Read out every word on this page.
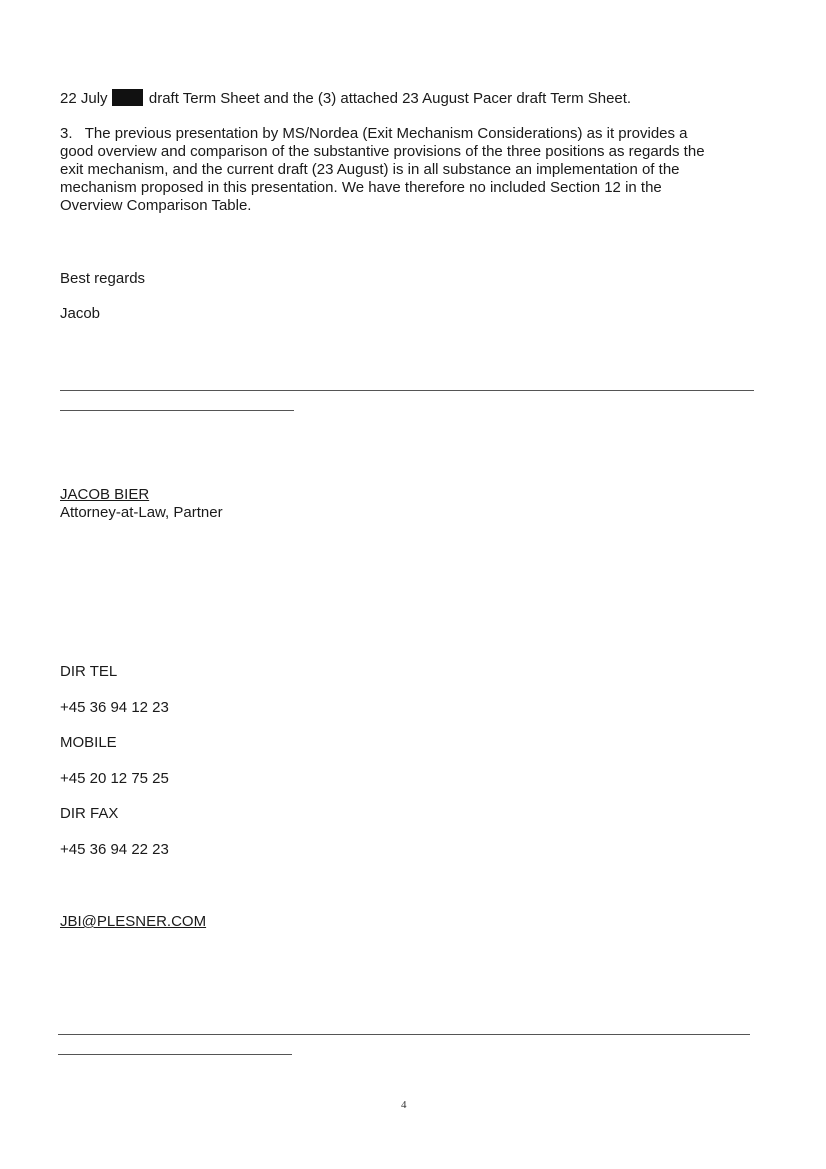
22 July	draft Term Sheet and the (3) attached 23 August Pacer draft Term Sheet.
3.   The previous presentation by MS/Nordea (Exit Mechanism Considerations) as it provides a
good overview and comparison of the substantive provisions of the three positions as regards the
exit mechanism, and the current draft (23 August) is in all substance an implementation of the
mechanism proposed in this presentation. We have therefore no included Section 12 in the
Overview Comparison Table.
Best regards
Jacob
JACOB BIER
Attorney-at-Law, Partner
DIR TEL
+45 36 94 12 23
MOBILE
+45 20 12 75 25
DIR FAX
+45 36 94 22 23
JBI@PLESNER.COM
4
